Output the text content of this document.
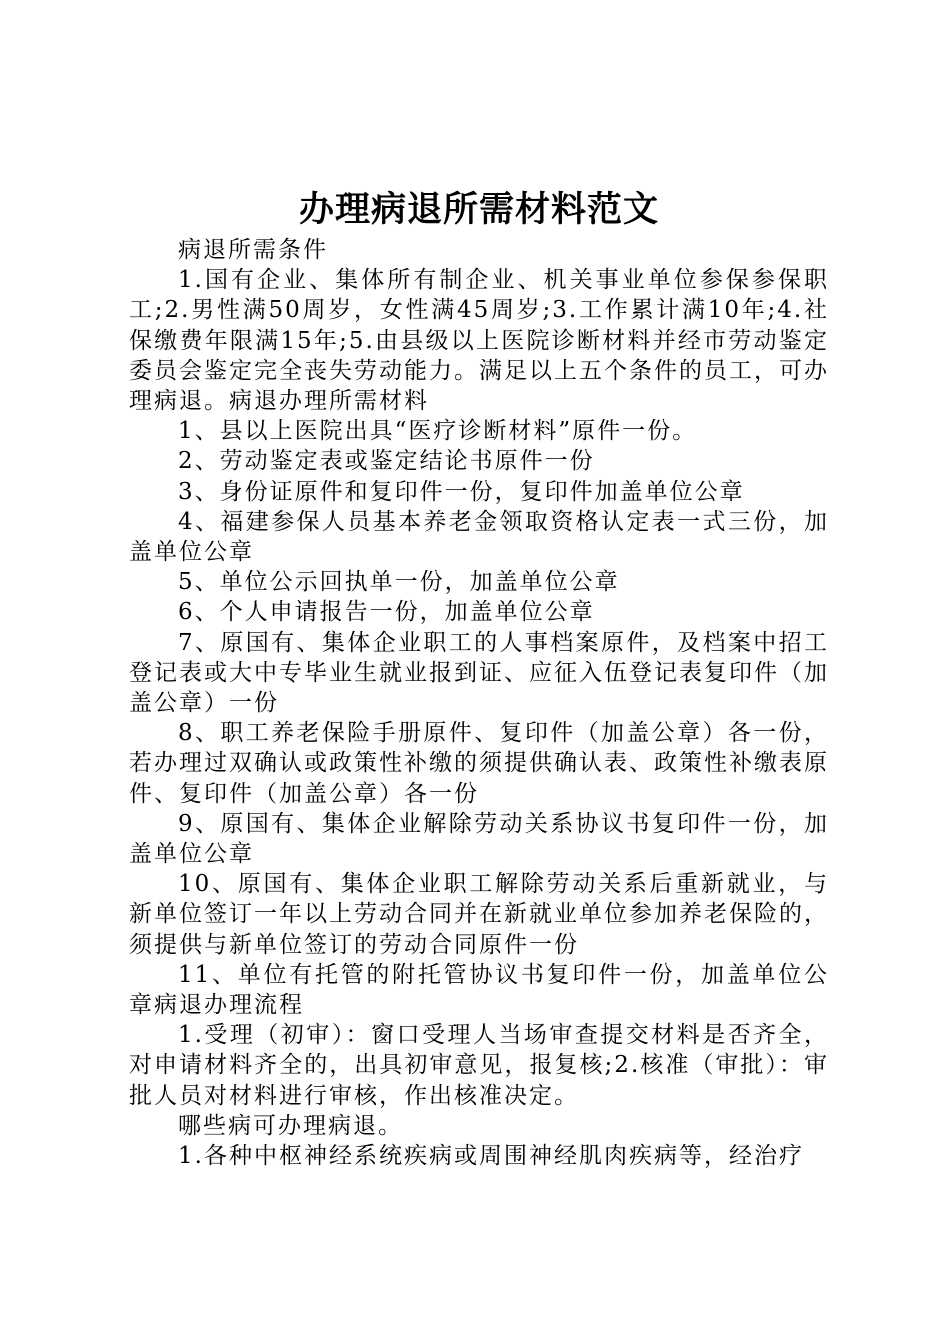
办理病退所需材料范文

病退所需条件

1.国有企业、集体所有制企业、机关事业单位参保参保职工;2.男性满50周岁，女性满45周岁;3.工作累计满10年;4.社保缴费年限满15年;5.由县级以上医院诊断材料并经市劳动鉴定委员会鉴定完全丧失劳动能力。满足以上五个条件的员工，可办理病退。病退办理所需材料

1、县以上医院出具“医疗诊断材料”原件一份。

2、劳动鉴定表或鉴定结论书原件一份

3、身份证原件和复印件一份，复印件加盖单位公章

4、福建参保人员基本养老金领取资格认定表一式三份，加盖单位公章

5、单位公示回执单一份，加盖单位公章

6、个人申请报告一份，加盖单位公章

7、原国有、集体企业职工的人事档案原件，及档案中招工登记表或大中专毕业生就业报到证、应征入伍登记表复印件（加盖公章）一份

8、职工养老保险手册原件、复印件（加盖公章）各一份，若办理过双确认或政策性补缴的须提供确认表、政策性补缴表原件、复印件（加盖公章）各一份

9、原国有、集体企业解除劳动关系协议书复印件一份，加盖单位公章

10、原国有、集体企业职工解除劳动关系后重新就业，与新单位签订一年以上劳动合同并在新就业单位参加养老保险的，须提供与新单位签订的劳动合同原件一份

11、单位有托管的附托管协议书复印件一份，加盖单位公章病退办理流程

1.受理（初审）：窗口受理人当场审查提交材料是否齐全，对申请材料齐全的，出具初审意见，报复核;2.核准（审批）：审批人员对材料进行审核，作出核准决定。

哪些病可办理病退。

1.各种中枢神经系统疾病或周围神经肌肉疾病等，经治疗
